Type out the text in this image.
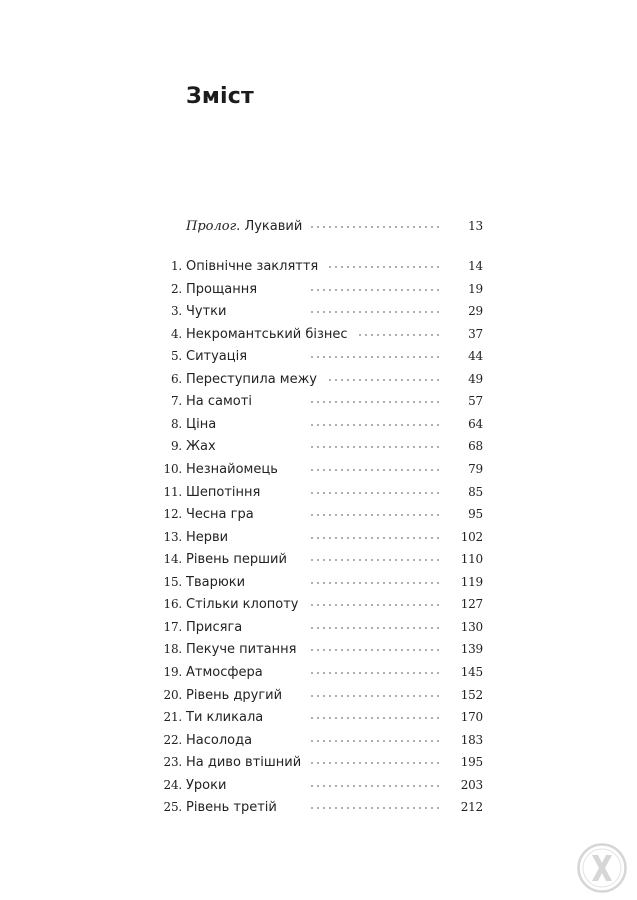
Зміст
Пролог. Лукавий	13
1. Опівнічне закляття	14
2. Прощання	19
3. Чутки	29
4. Некромантський бізнес	37
5. Ситуація	44
6. Переступила межу	49
7. На самоті	57
8. Ціна	64
9. Жах	68
10. Незнайомець	79
11. Шепотіння	85
12. Чесна гра	95
13. Нерви	102
14. Рівень перший	110
15. Тварюки	119
16. Стільки клопоту	127
17. Присяга	130
18. Пекуче питання	139
19. Атмосфера	145
20. Рівень другий	152
21. Ти кликала	170
22. Насолода	183
23. На диво втішний	195
24. Уроки	203
25. Рівень третій	212
